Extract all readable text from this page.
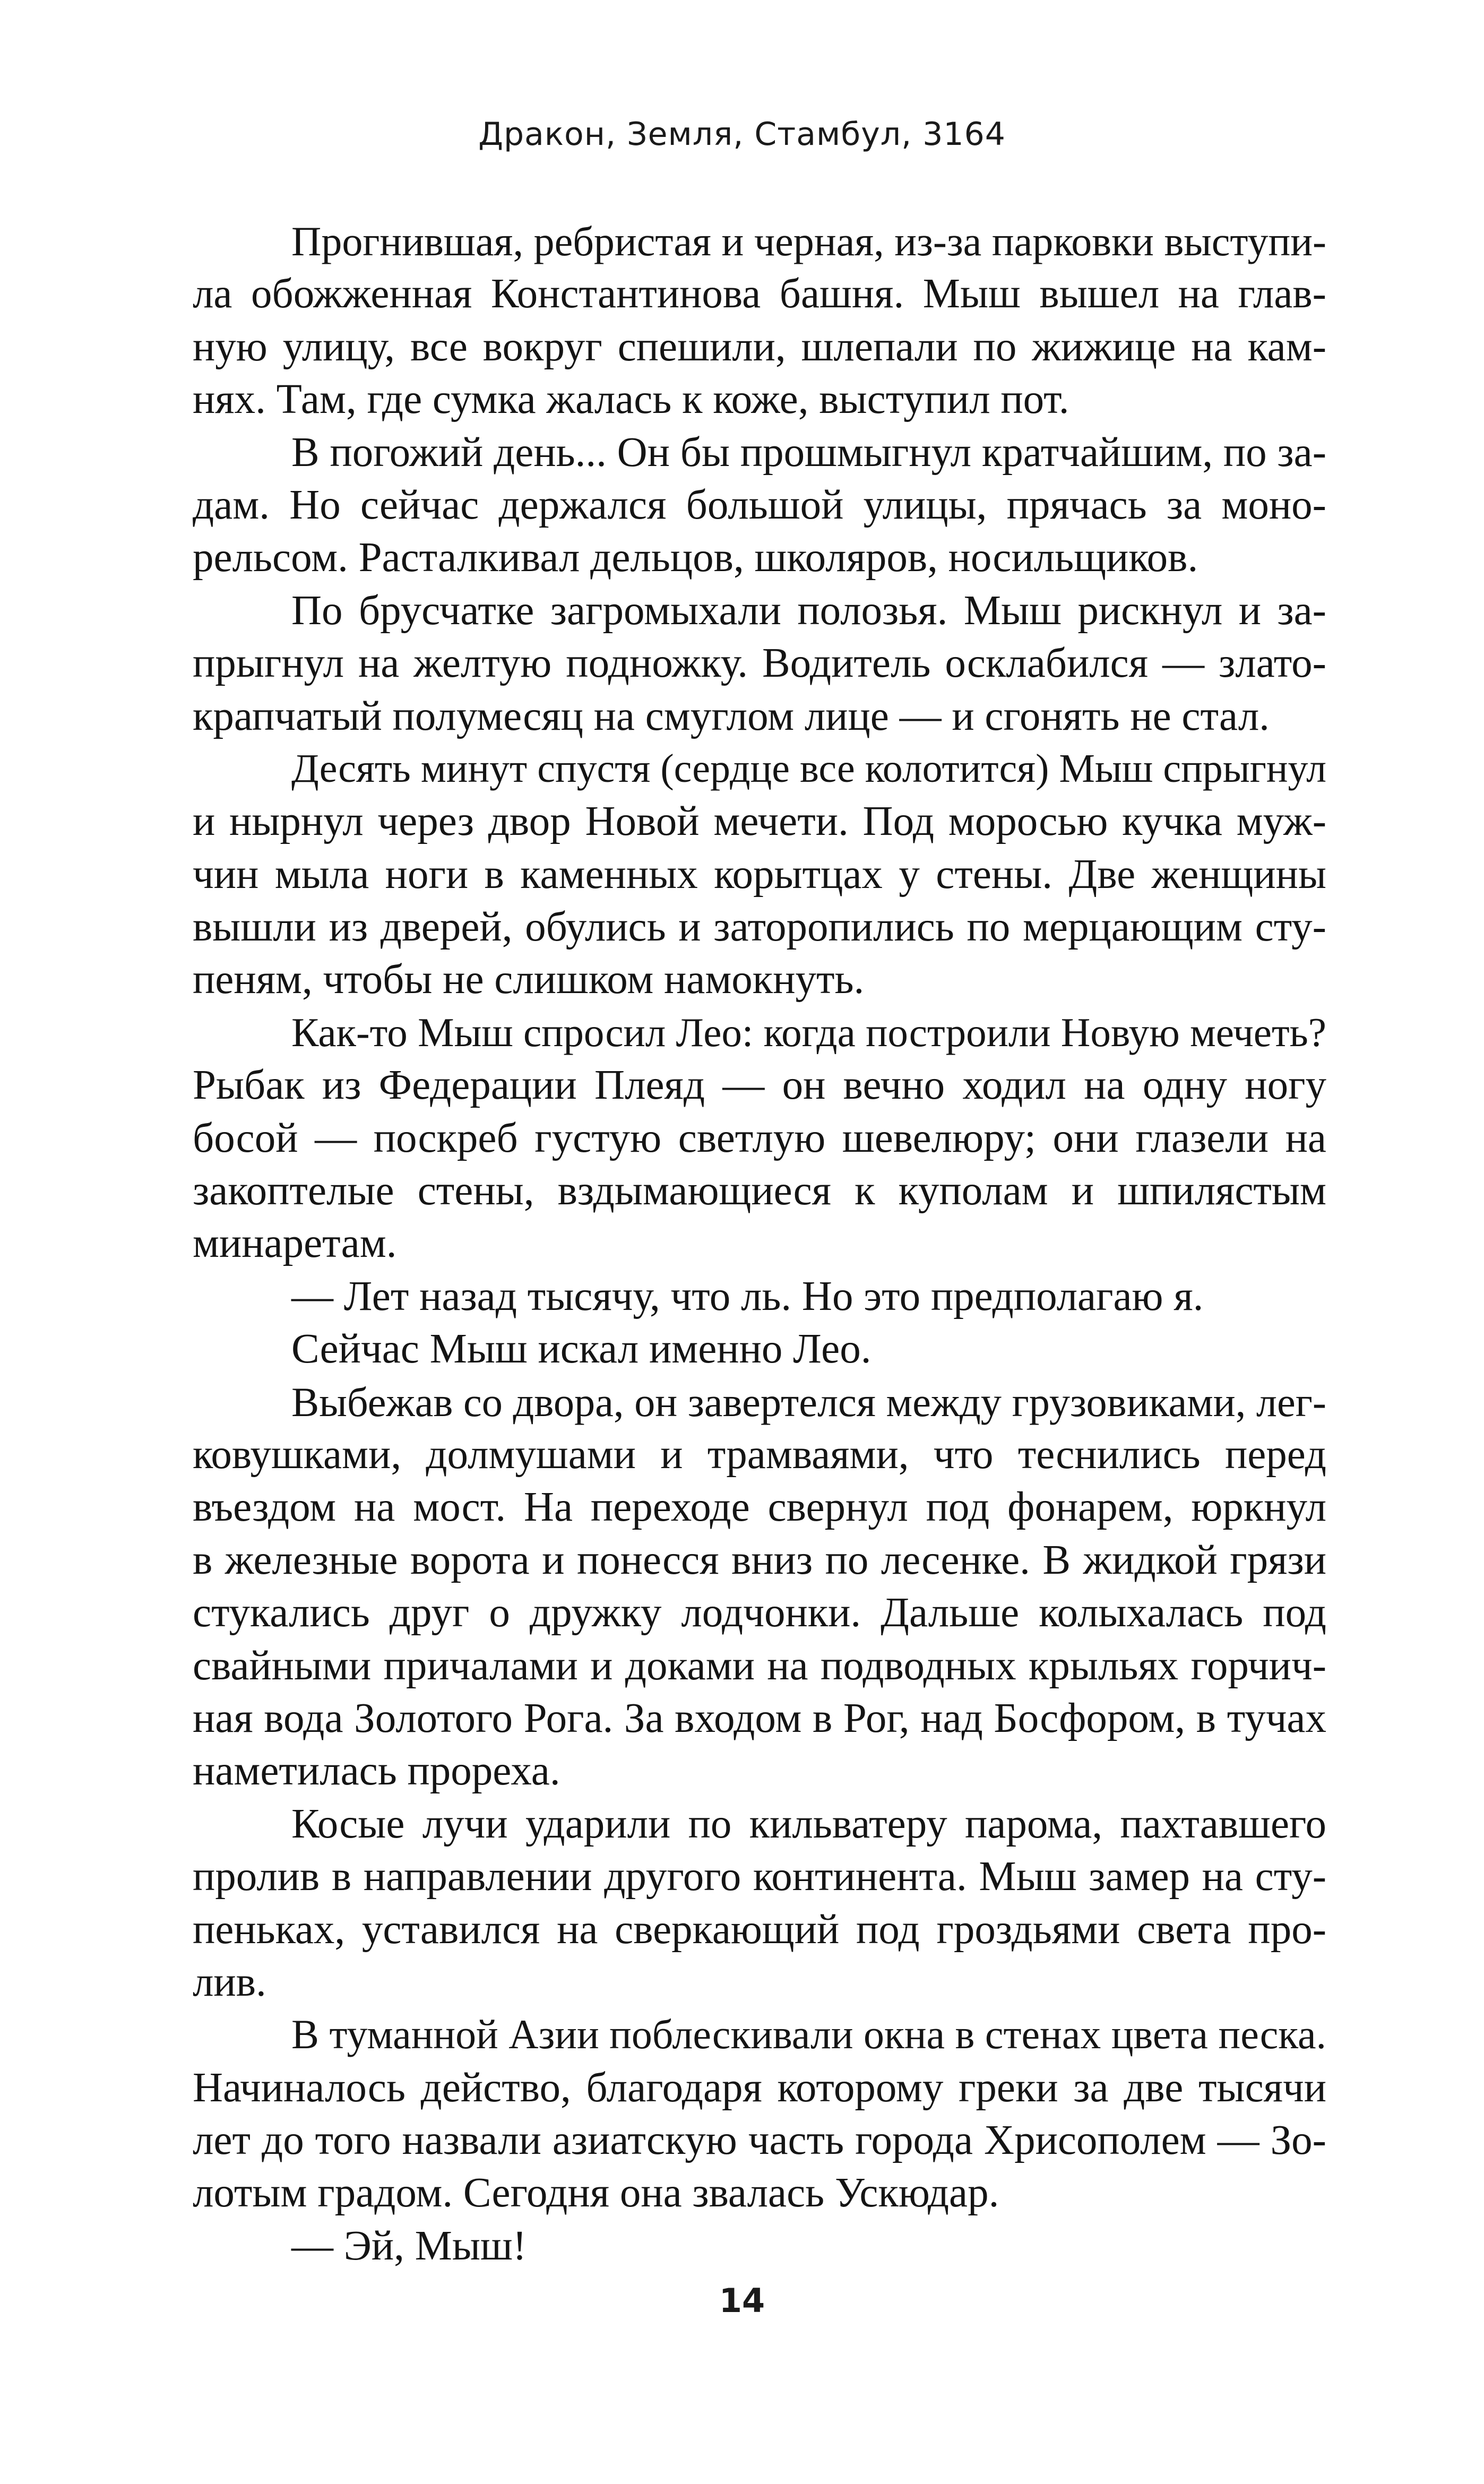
Дракон, Земля, Стамбул, 3164
Прогнившая, ребристая и черная, из-за парковки выступи-
ла обожженная Константинова башня. Мыш вышел на глав-
ную улицу, все вокруг спешили, шлепали по жижице на кам-
нях. Там, где сумка жалась к коже, выступил пот.
В погожий день... Он бы прошмыгнул кратчайшим, по за-
дам. Но сейчас держался большой улицы, прячась за моно-
рельсом. Расталкивал дельцов, школяров, носильщиков.
По брусчатке загромыхали полозья. Мыш рискнул и за-
прыгнул на желтую подножку. Водитель осклабился — злато-
крапчатый полумесяц на смуглом лице — и сгонять не стал.
Десять минут спустя (сердце все колотится) Мыш спрыгнул
и нырнул через двор Новой мечети. Под моросью кучка муж-
чин мыла ноги в каменных корытцах у стены. Две женщины
вышли из дверей, обулись и заторопились по мерцающим сту-
пеням, чтобы не слишком намокнуть.
Как-то Мыш спросил Лео: когда построили Новую мечеть?
Рыбак из Федерации Плеяд — он вечно ходил на одну ногу
босой — поскреб густую светлую шевелюру; они глазели на
закоптелые стены, вздымающиеся к куполам и шпилястым
минаретам.
— Лет назад тысячу, что ль. Но это предполагаю я.
Сейчас Мыш искал именно Лео.
Выбежав со двора, он завертелся между грузовиками, лег-
ковушками, долмушами и трамваями, что теснились перед
въездом на мост. На переходе свернул под фонарем, юркнул
в железные ворота и понесся вниз по лесенке. В жидкой грязи
стукались друг о дружку лодчонки. Дальше колыхалась под
свайными причалами и доками на подводных крыльях горчич-
ная вода Золотого Рога. За входом в Рог, над Босфором, в тучах
наметилась прореха.
Косые лучи ударили по кильватеру парома, пахтавшего
пролив в направлении другого континента. Мыш замер на сту-
пеньках, уставился на сверкающий под гроздьями света про-
лив.
В туманной Азии поблескивали окна в стенах цвета песка.
Начиналось действо, благодаря которому греки за две тысячи
лет до того назвали азиатскую часть города Хрисополем — Зо-
лотым градом. Сегодня она звалась Ускюдар.
— Эй, Мыш!
14
